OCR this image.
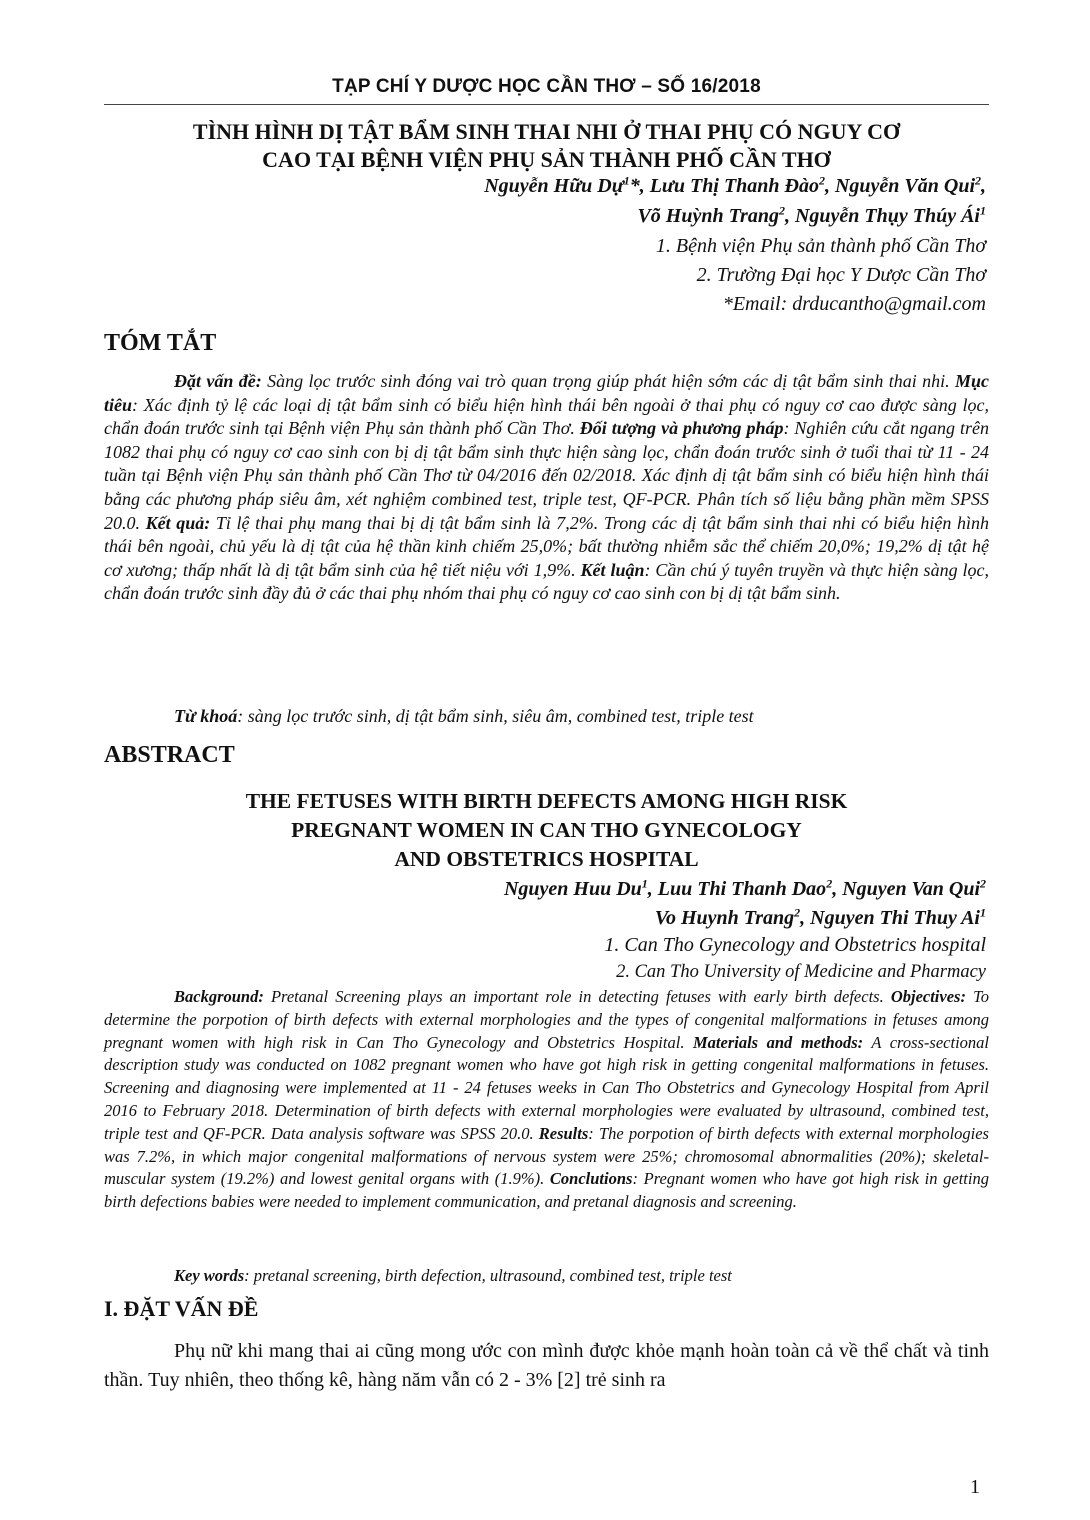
TẠP CHÍ Y DƯỢC HỌC CẦN THƠ – SỐ 16/2018
TÌNH HÌNH DỊ TẬT BẨM SINH THAI NHI Ở THAI PHỤ CÓ NGUY CƠ
CAO TẠI BỆNH VIỆN PHỤ SẢN THÀNH PHỐ CẦN THƠ
Nguyễn Hữu Dự$^1$*, Lưu Thị Thanh Đào$^2$, Nguyễn Văn Qui$^2$,
Võ Huỳnh Trang$^2$, Nguyễn Thụy Thúy $Ái^1$
1. Bệnh viện Phụ sản thành phố Cần Thơ
2. Trường Đại học Y Dược Cần Thơ
*Email: drducantho@gmail.com
TÓM TẮT
Đặt vấn đề: Sàng lọc trước sinh đóng vai trò quan trọng giúp phát hiện sớm các dị tật bẩm sinh thai nhi. Mục tiêu: Xác định tỷ lệ các loại dị tật bẩm sinh có biểu hiện hình thái bên ngoài ở thai phụ có nguy cơ cao được sàng lọc, chẩn đoán trước sinh tại Bệnh viện Phụ sản thành phố Cần Thơ. Đối tượng và phương pháp: Nghiên cứu cắt ngang trên 1082 thai phụ có nguy cơ cao sinh con bị dị tật bẩm sinh thực hiện sàng lọc, chẩn đoán trước sinh ở tuổi thai từ 11 - 24 tuần tại Bệnh viện Phụ sản thành phố Cần Thơ từ 04/2016 đến 02/2018. Xác định dị tật bẩm sinh có biểu hiện hình thái bằng các phương pháp siêu âm, xét nghiệm combined test, triple test, QF-PCR. Phân tích số liệu bằng phần mềm SPSS 20.0. Kết quả: Tỉ lệ thai phụ mang thai bị dị tật bẩm sinh là 7,2%. Trong các dị tật bẩm sinh thai nhi có biểu hiện hình thái bên ngoài, chủ yếu là dị tật của hệ thần kinh chiếm 25,0%; bất thường nhiễm sắc thể chiếm 20,0%; 19,2% dị tật hệ cơ xương; thấp nhất là dị tật bẩm sinh của hệ tiết niệu với 1,9%. Kết luận: Cần chú ý tuyên truyền và thực hiện sàng lọc, chẩn đoán trước sinh đầy đủ ở các thai phụ nhóm thai phụ có nguy cơ cao sinh con bị dị tật bẩm sinh.
Từ khoá: sàng lọc trước sinh, dị tật bẩm sinh, siêu âm, combined test, triple test
ABSTRACT
THE FETUSES WITH BIRTH DEFECTS AMONG HIGH RISK
PREGNANT WOMEN IN CAN THO GYNECOLOGY
AND OBSTETRICS HOSPITAL
Nguyen Huu Du$^1$, Luu Thi Thanh Dao$^2$, Nguyen Van Qui$^2$
Vo Huynh Trang$^2$, Nguyen Thi Thuy Ai$^1$
1. Can Tho Gynecology and Obstetrics hospital
2. Can Tho University of Medicine and Pharmacy
Background: Pretanal Screening plays an important role in detecting fetuses with early birth defects. Objectives: To determine the porpotion of birth defects with external morphologies and the types of congenital malformations in fetuses among pregnant women with high risk in Can Tho Gynecology and Obstetrics Hospital. Materials and methods: A cross-sectional description study was conducted on 1082 pregnant women who have got high risk in getting congenital malformations in fetuses. Screening and diagnosing were implemented at 11 - 24 fetuses weeks in Can Tho Obstetrics and Gynecology Hospital from April 2016 to February 2018. Determination of birth defects with external morphologies were evaluated by ultrasound, combined test, triple test and QF-PCR. Data analysis software was SPSS 20.0. Results: The porpotion of birth defects with external morphologies was 7.2%, in which major congenital malformations of nervous system were 25%; chromosomal abnormalities (20%); skeletal-muscular system (19.2%) and lowest genital organs with (1.9%). Conclutions: Pregnant women who have got high risk in getting birth defections babies were needed to implement communication, and pretanal diagnosis and screening.
Key words: pretanal screening, birth defection, ultrasound, combined test, triple test
I. ĐẶT VẤN ĐỀ
Phụ nữ khi mang thai ai cũng mong ước con mình được khỏe mạnh hoàn toàn cả về thể chất và tinh thần. Tuy nhiên, theo thống kê, hàng năm vẫn có 2 - 3% [2] trẻ sinh ra
1
